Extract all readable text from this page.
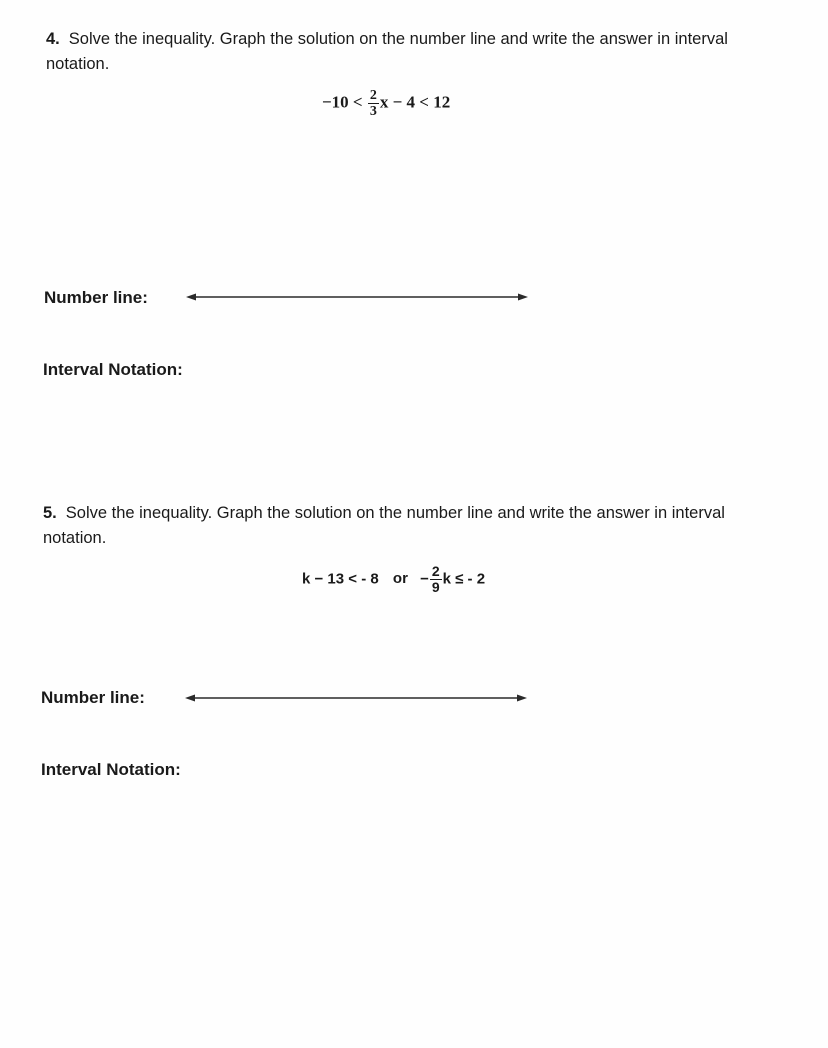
4. Solve the inequality. Graph the solution on the number line and write the answer in interval notation.
$-10 < \frac{2}{3}$ x − 4 < 12
Number line:
Interval Notation:
5. Solve the inequality. Graph the solution on the number line and write the answer in interval notation.
k − 13 < - 8 or − $\frac{2}{9}$ k ≤ - 2
Number line:
Interval Notation:
